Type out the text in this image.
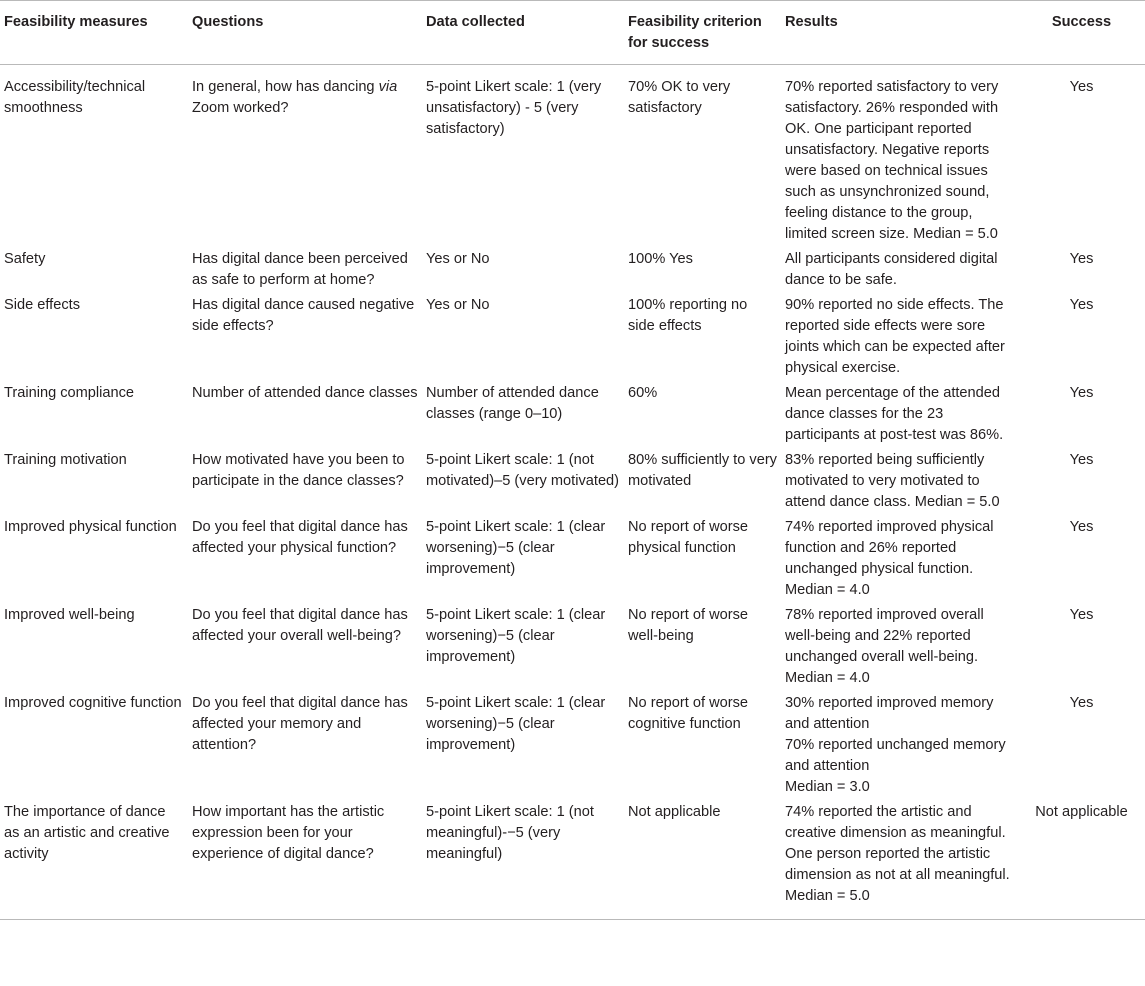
Feasibility measures	Questions	Data collected	Feasibility criterion for success	Results	Success
Accessibility/technical smoothness	In general, how has dancing via Zoom worked?	5-point Likert scale: 1 (very unsatisfactory) - 5 (very satisfactory)	70% OK to very satisfactory	70% reported satisfactory to very satisfactory. 26% responded with OK. One participant reported unsatisfactory. Negative reports were based on technical issues such as unsynchronized sound, feeling distance to the group, limited screen size. Median = 5.0	Yes
Safety	Has digital dance been perceived as safe to perform at home?	Yes or No	100% Yes	All participants considered digital dance to be safe.	Yes
Side effects	Has digital dance caused negative side effects?	Yes or No	100% reporting no side effects	90% reported no side effects. The reported side effects were sore joints which can be expected after physical exercise.	Yes
Training compliance	Number of attended dance classes	Number of attended dance classes (range 0–10)	60%	Mean percentage of the attended dance classes for the 23 participants at post-test was 86%.	Yes
Training motivation	How motivated have you been to participate in the dance classes?	5-point Likert scale: 1 (not motivated)–5 (very motivated)	80% sufficiently to very motivated	83% reported being sufficiently motivated to very motivated to attend dance class. Median = 5.0	Yes
Improved physical function	Do you feel that digital dance has affected your physical function?	5-point Likert scale: 1 (clear worsening)−5 (clear improvement)	No report of worse physical function	74% reported improved physical function and 26% reported unchanged physical function. Median = 4.0	Yes
Improved well-being	Do you feel that digital dance has affected your overall well-being?	5-point Likert scale: 1 (clear worsening)−5 (clear improvement)	No report of worse well-being	78% reported improved overall well-being and 22% reported unchanged overall well-being. Median = 4.0	Yes
Improved cognitive function	Do you feel that digital dance has affected your memory and attention?	5-point Likert scale: 1 (clear worsening)−5 (clear improvement)	No report of worse cognitive function	30% reported improved memory and attention
70% reported unchanged memory and attention
Median = 3.0	Yes
The importance of dance as an artistic and creative activity	How important has the artistic expression been for your experience of digital dance?	5-point Likert scale: 1 (not meaningful)-−5 (very meaningful)	Not applicable	74% reported the artistic and creative dimension as meaningful. One person reported the artistic dimension as not at all meaningful. Median = 5.0	Not applicable
